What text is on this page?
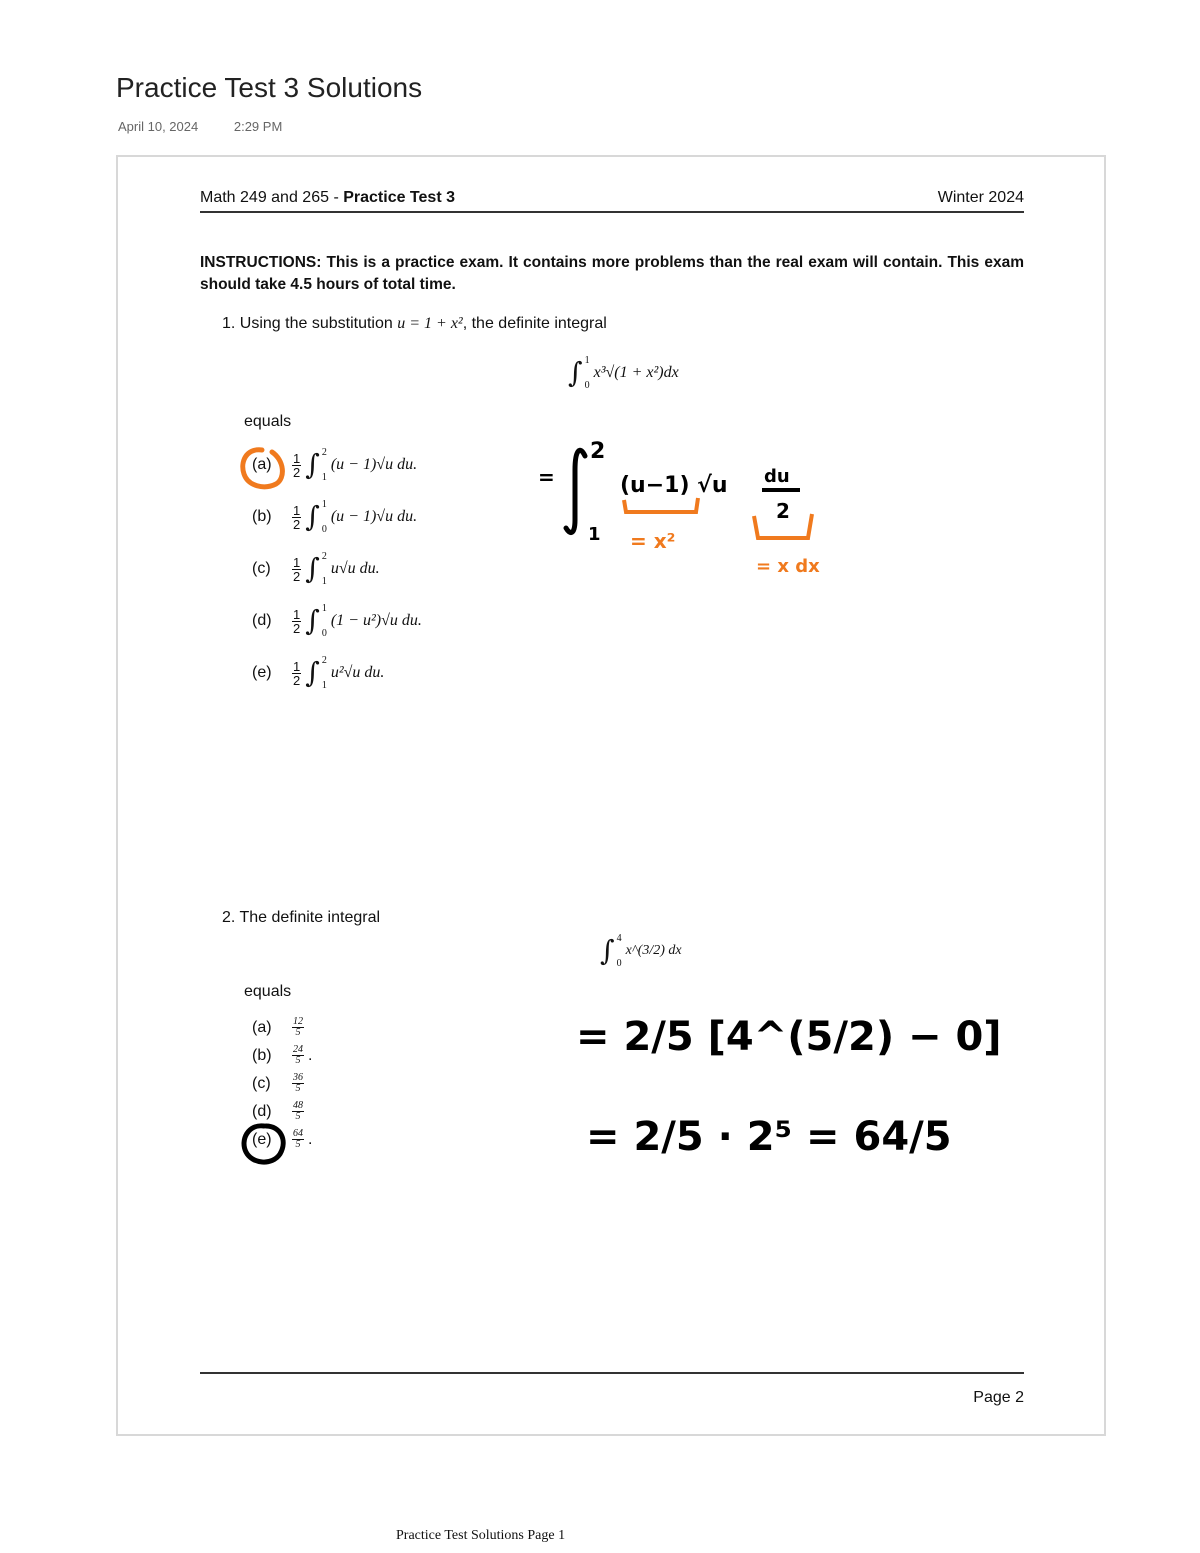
Practice Test 3 Solutions
April 10, 2024	2:29 PM
Math 249 and 265 - Practice Test 3	Winter 2024
INSTRUCTIONS: This is a practice exam. It contains more problems than the real exam will contain. This exam should take 4.5 hours of total time.
1. Using the substitution u = 1 + x², the definite integral
∫ 1
0
x³√(1 + x²)dx
equals
2. The definite integral
∫ 4
0
x^(3/2) dx
equals
Page 2
(a)	$\frac{1}{2}$ ∫ 2
1
(u − 1)√u du.
(b)	$\frac{1}{2}$ ∫ 1
0
(u − 1)√u du.
(c)	$\frac{1}{2}$ ∫ 2
1
u√u du.
(d)	$\frac{1}{2}$ ∫ 1
0
(1 − u²)√u du.
(e)	$\frac{1}{2}$ ∫ 2
1
u²√u du.
(a)	$\frac{12}{5}$
(b)	$\frac{24}{5}$ .
(c)	$\frac{36}{5}$
(d)	$\frac{48}{5}$
(e)	$\frac{64}{5}$ .
=
2
1
(u−1) √u du
2
= x²
= x dx
= 2/5 [4^(5/2) − 0]
= 2/5 · 2⁵ = 64/5
Practice Test Solutions Page 1
